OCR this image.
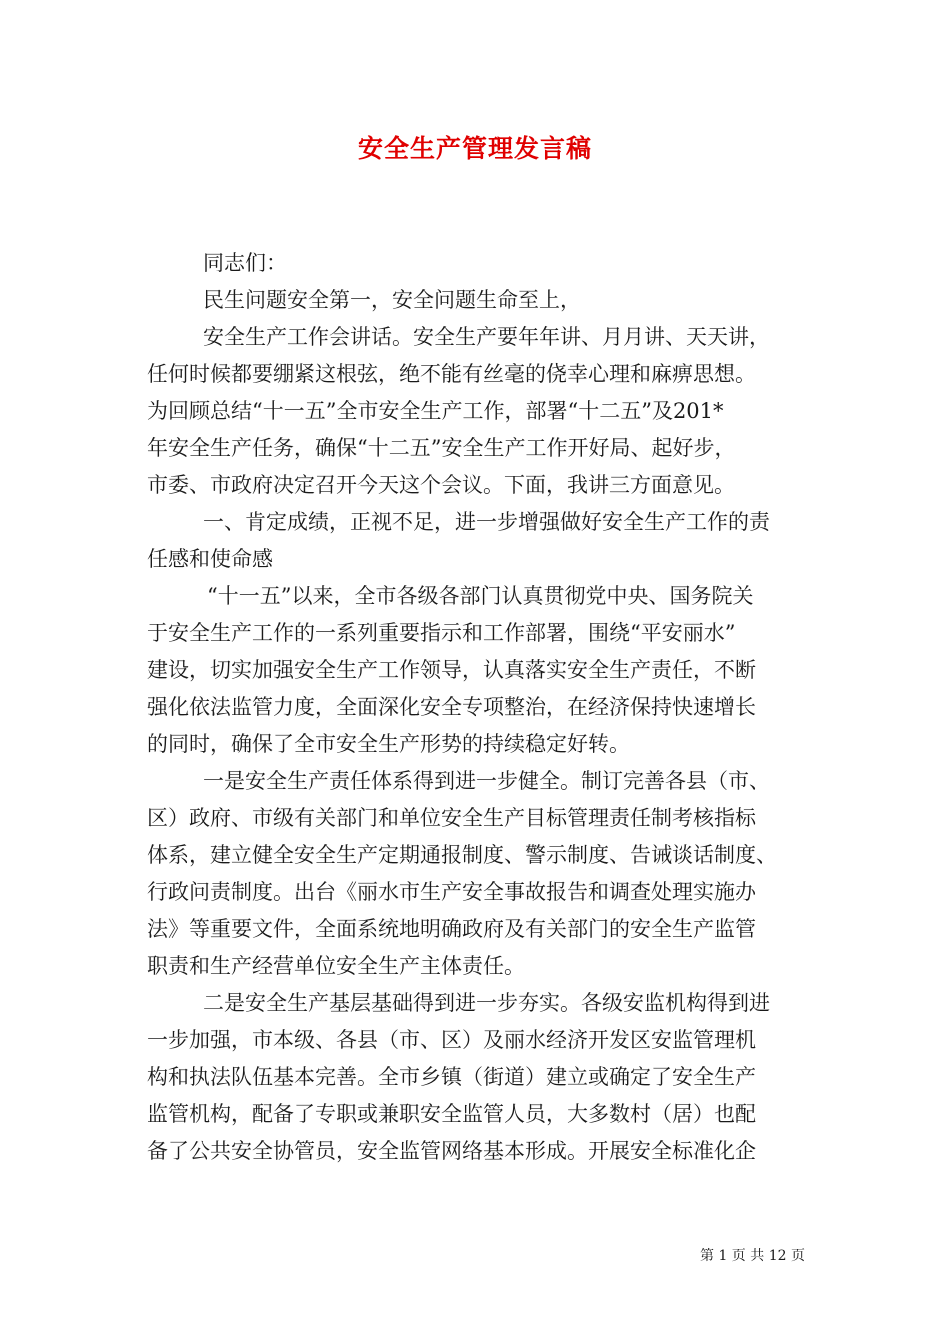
安全生产管理发言稿
同志们：
民生问题安全第一，安全问题生命至上，
安全生产工作会讲话。安全生产要年年讲、月月讲、天天讲，
任何时候都要绷紧这根弦，绝不能有丝毫的侥幸心理和麻痹思想。
为回顾总结“十一五”全市安全生产工作，部署“十二五”及201*
年安全生产任务，确保“十二五”安全生产工作开好局、起好步，
市委、市政府决定召开今天这个会议。下面，我讲三方面意见。
一、肯定成绩，正视不足，进一步增强做好安全生产工作的责
任感和使命感
“十一五”以来，全市各级各部门认真贯彻党中央、国务院关
于安全生产工作的一系列重要指示和工作部署，围绕“平安丽水”
建设，切实加强安全生产工作领导，认真落实安全生产责任，不断
强化依法监管力度，全面深化安全专项整治，在经济保持快速增长
的同时，确保了全市安全生产形势的持续稳定好转。
一是安全生产责任体系得到进一步健全。制订完善各县（市、
区）政府、市级有关部门和单位安全生产目标管理责任制考核指标
体系，建立健全安全生产定期通报制度、警示制度、告诫谈话制度、
行政问责制度。出台《丽水市生产安全事故报告和调查处理实施办
法》等重要文件，全面系统地明确政府及有关部门的安全生产监管
职责和生产经营单位安全生产主体责任。
二是安全生产基层基础得到进一步夯实。各级安监机构得到进
一步加强，市本级、各县（市、区）及丽水经济开发区安监管理机
构和执法队伍基本完善。全市乡镇（街道）建立或确定了安全生产
监管机构，配备了专职或兼职安全监管人员，大多数村（居）也配
备了公共安全协管员，安全监管网络基本形成。开展安全标准化企
第 1 页 共 12 页
